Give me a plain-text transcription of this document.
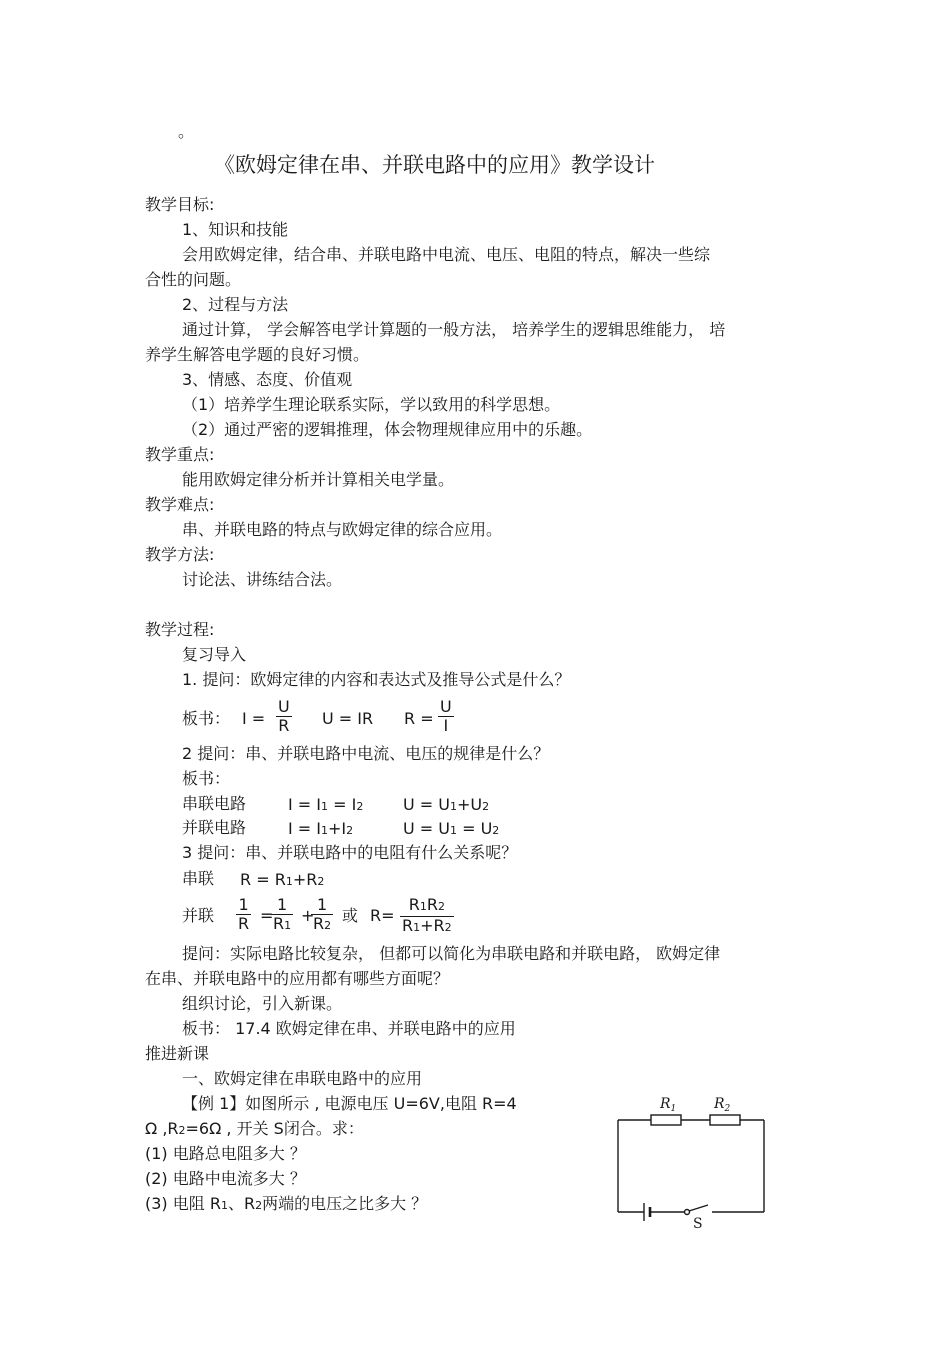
。
《欧姆定律在串、并联电路中的应用》教学设计
教学目标:
1、知识和技能
会用欧姆定律，结合串、并联电路中电流、电压、电阻的特点，解决一些综
合性的问题。
2、过程与方法
通过计算， 学会解答电学计算题的一般方法， 培养学生的逻辑思维能力， 培
养学生解答电学题的良好习惯。
3、情感、态度、价值观
（1）培养学生理论联系实际，学以致用的科学思想。
（2）通过严密的逻辑推理，体会物理规律应用中的乐趣。
教学重点:
能用欧姆定律分析并计算相关电学量。
教学难点:
串、并联电路的特点与欧姆定律的综合应用。
教学方法:
讨论法、讲练结合法。
教学过程:
复习导入
1. 提问：欧姆定律的内容和表达式及推导公式是什么？
板书： $I = \frac{U}{R}$ U = IR $R = \frac{U}{I}$
2 提问：串、并联电路中电流、电压的规律是什么？
板书：
串联电路	I = I1 = I2 U = U1+U2
并联电路	I = I1+I2	U = U1 = U2
3 提问：串、并联电路中的电阻有什么关系呢？
串联 R = R1+R2
并联 $\frac{1}{R}$ =
$\frac{1}{R1}$ +
$\frac{1}{R2}$ 或 $R= \frac{R1R2}{R1+R2}$
提问：实际电路比较复杂， 但都可以简化为串联电路和并联电路， 欧姆定律
在串、并联电路中的应用都有哪些方面呢？
组织讨论，引入新课。
板书： 17.4 欧姆定律在串、并联电路中的应用
推进新课
一、欧姆定律在串联电路中的应用
【例 1】如图所示 , 电源电压 U=6V,电阻 R=4
Ω ,R2=6Ω , 开关 S闭合。求：
(1) 电路总电阻多大 ？
(2) 电路中电流多大 ？
(3) 电阻 R1、R2两端的电压之比多大 ？
$R_1$	$R_2$
S
